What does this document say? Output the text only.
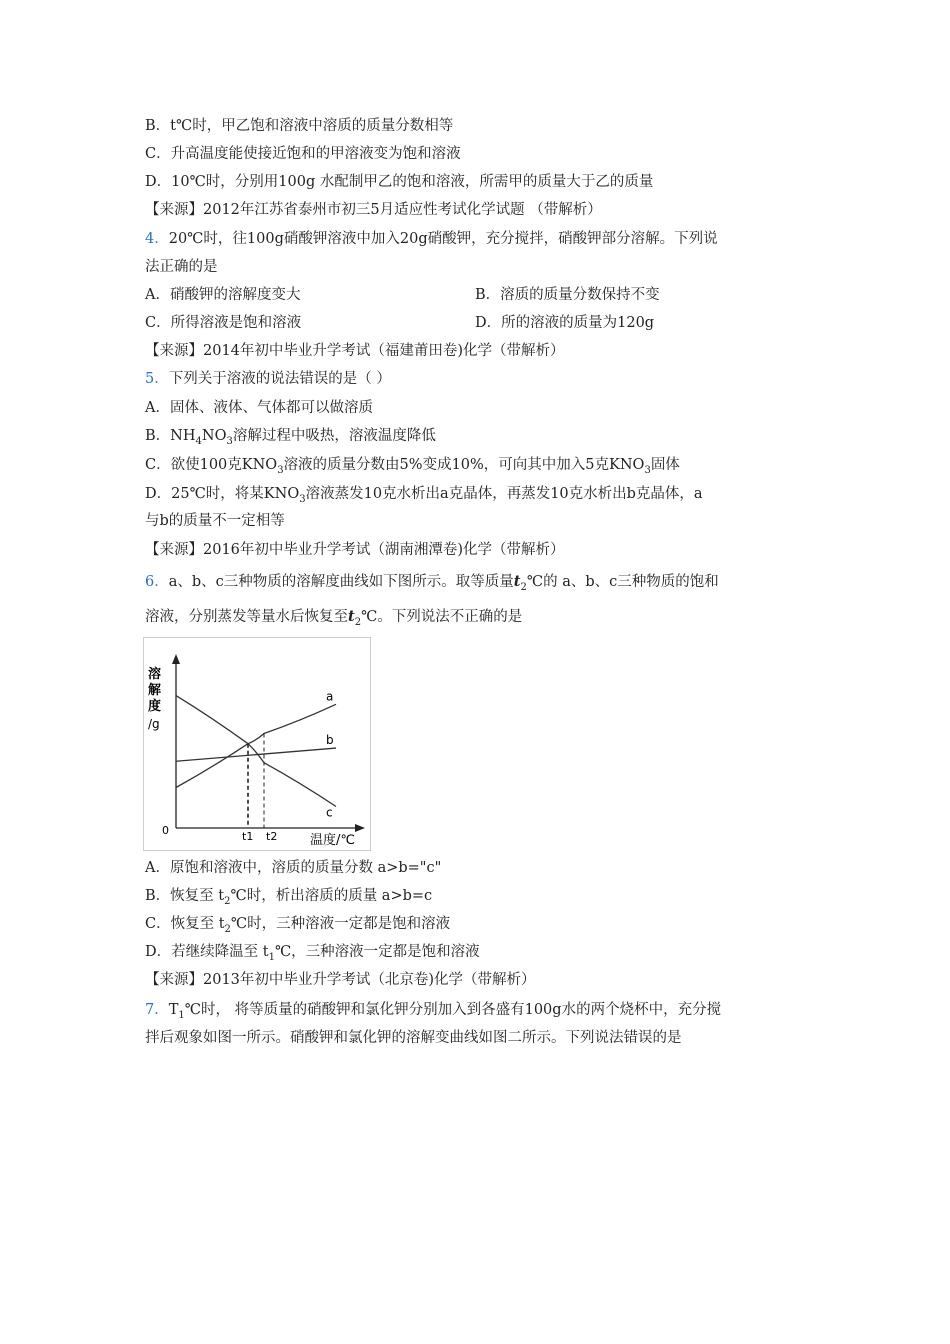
B．t℃时，甲乙饱和溶液中溶质的质量分数相等
C．升高温度能使接近饱和的甲溶液变为饱和溶液
D．10℃时，分别用100g 水配制甲乙的饱和溶液，所需甲的质量大于乙的质量
【来源】2012年江苏省泰州市初三5月适应性考试化学试题 （带解析）
4．20℃时，往100g硝酸钾溶液中加入20g硝酸钾，充分搅拌，硝酸钾部分溶解。下列说
法正确的是
A．硝酸钾的溶解度变大	B．溶质的质量分数保持不变
C．所得溶液是饱和溶液	D．所的溶液的质量为120g
【来源】2014年初中毕业升学考试（福建莆田卷)化学（带解析）
5．下列关于溶液的说法错误的是（ ）
A．固体、液体、气体都可以做溶质
B．$NH_4NO_3$溶解过程中吸热，溶液温度降低
C．欲使100克$KNO_3$溶液的质量分数由5%变成10%，可向其中加入5克$KNO_3$固体
D．25℃时，将某$KNO_3$溶液蒸发10克水析出a克晶体，再蒸发10克水析出b克晶体，a
与b的质量不一定相等
【来源】2016年初中毕业升学考试（湖南湘潭卷)化学（带解析）
6．a、b、c三种物质的溶解度曲线如下图所示。取等质量$t_2℃$的 a、b、c三种物质的饱和
溶液，分别蒸发等量水后恢复至$t_2℃$。下列说法不正确的是
a
b
c
溶
解
度
/g
0	t1 t2	温度/℃
A．原饱和溶液中，溶质的质量分数 a>b="c"
B．恢复至 $t_2℃$时，析出溶质的质量 a>b=c
C．恢复至 $t_2℃$时，三种溶液一定都是饱和溶液
D．若继续降温至 $t_1℃$，三种溶液一定都是饱和溶液
【来源】2013年初中毕业升学考试（北京卷)化学（带解析）
7．$T_1℃$时， 将等质量的硝酸钾和氯化钾分别加入到各盛有100g水的两个烧杯中，充分搅
拌后观象如图一所示。硝酸钾和氯化钾的溶解变曲线如图二所示。下列说法错误的是
